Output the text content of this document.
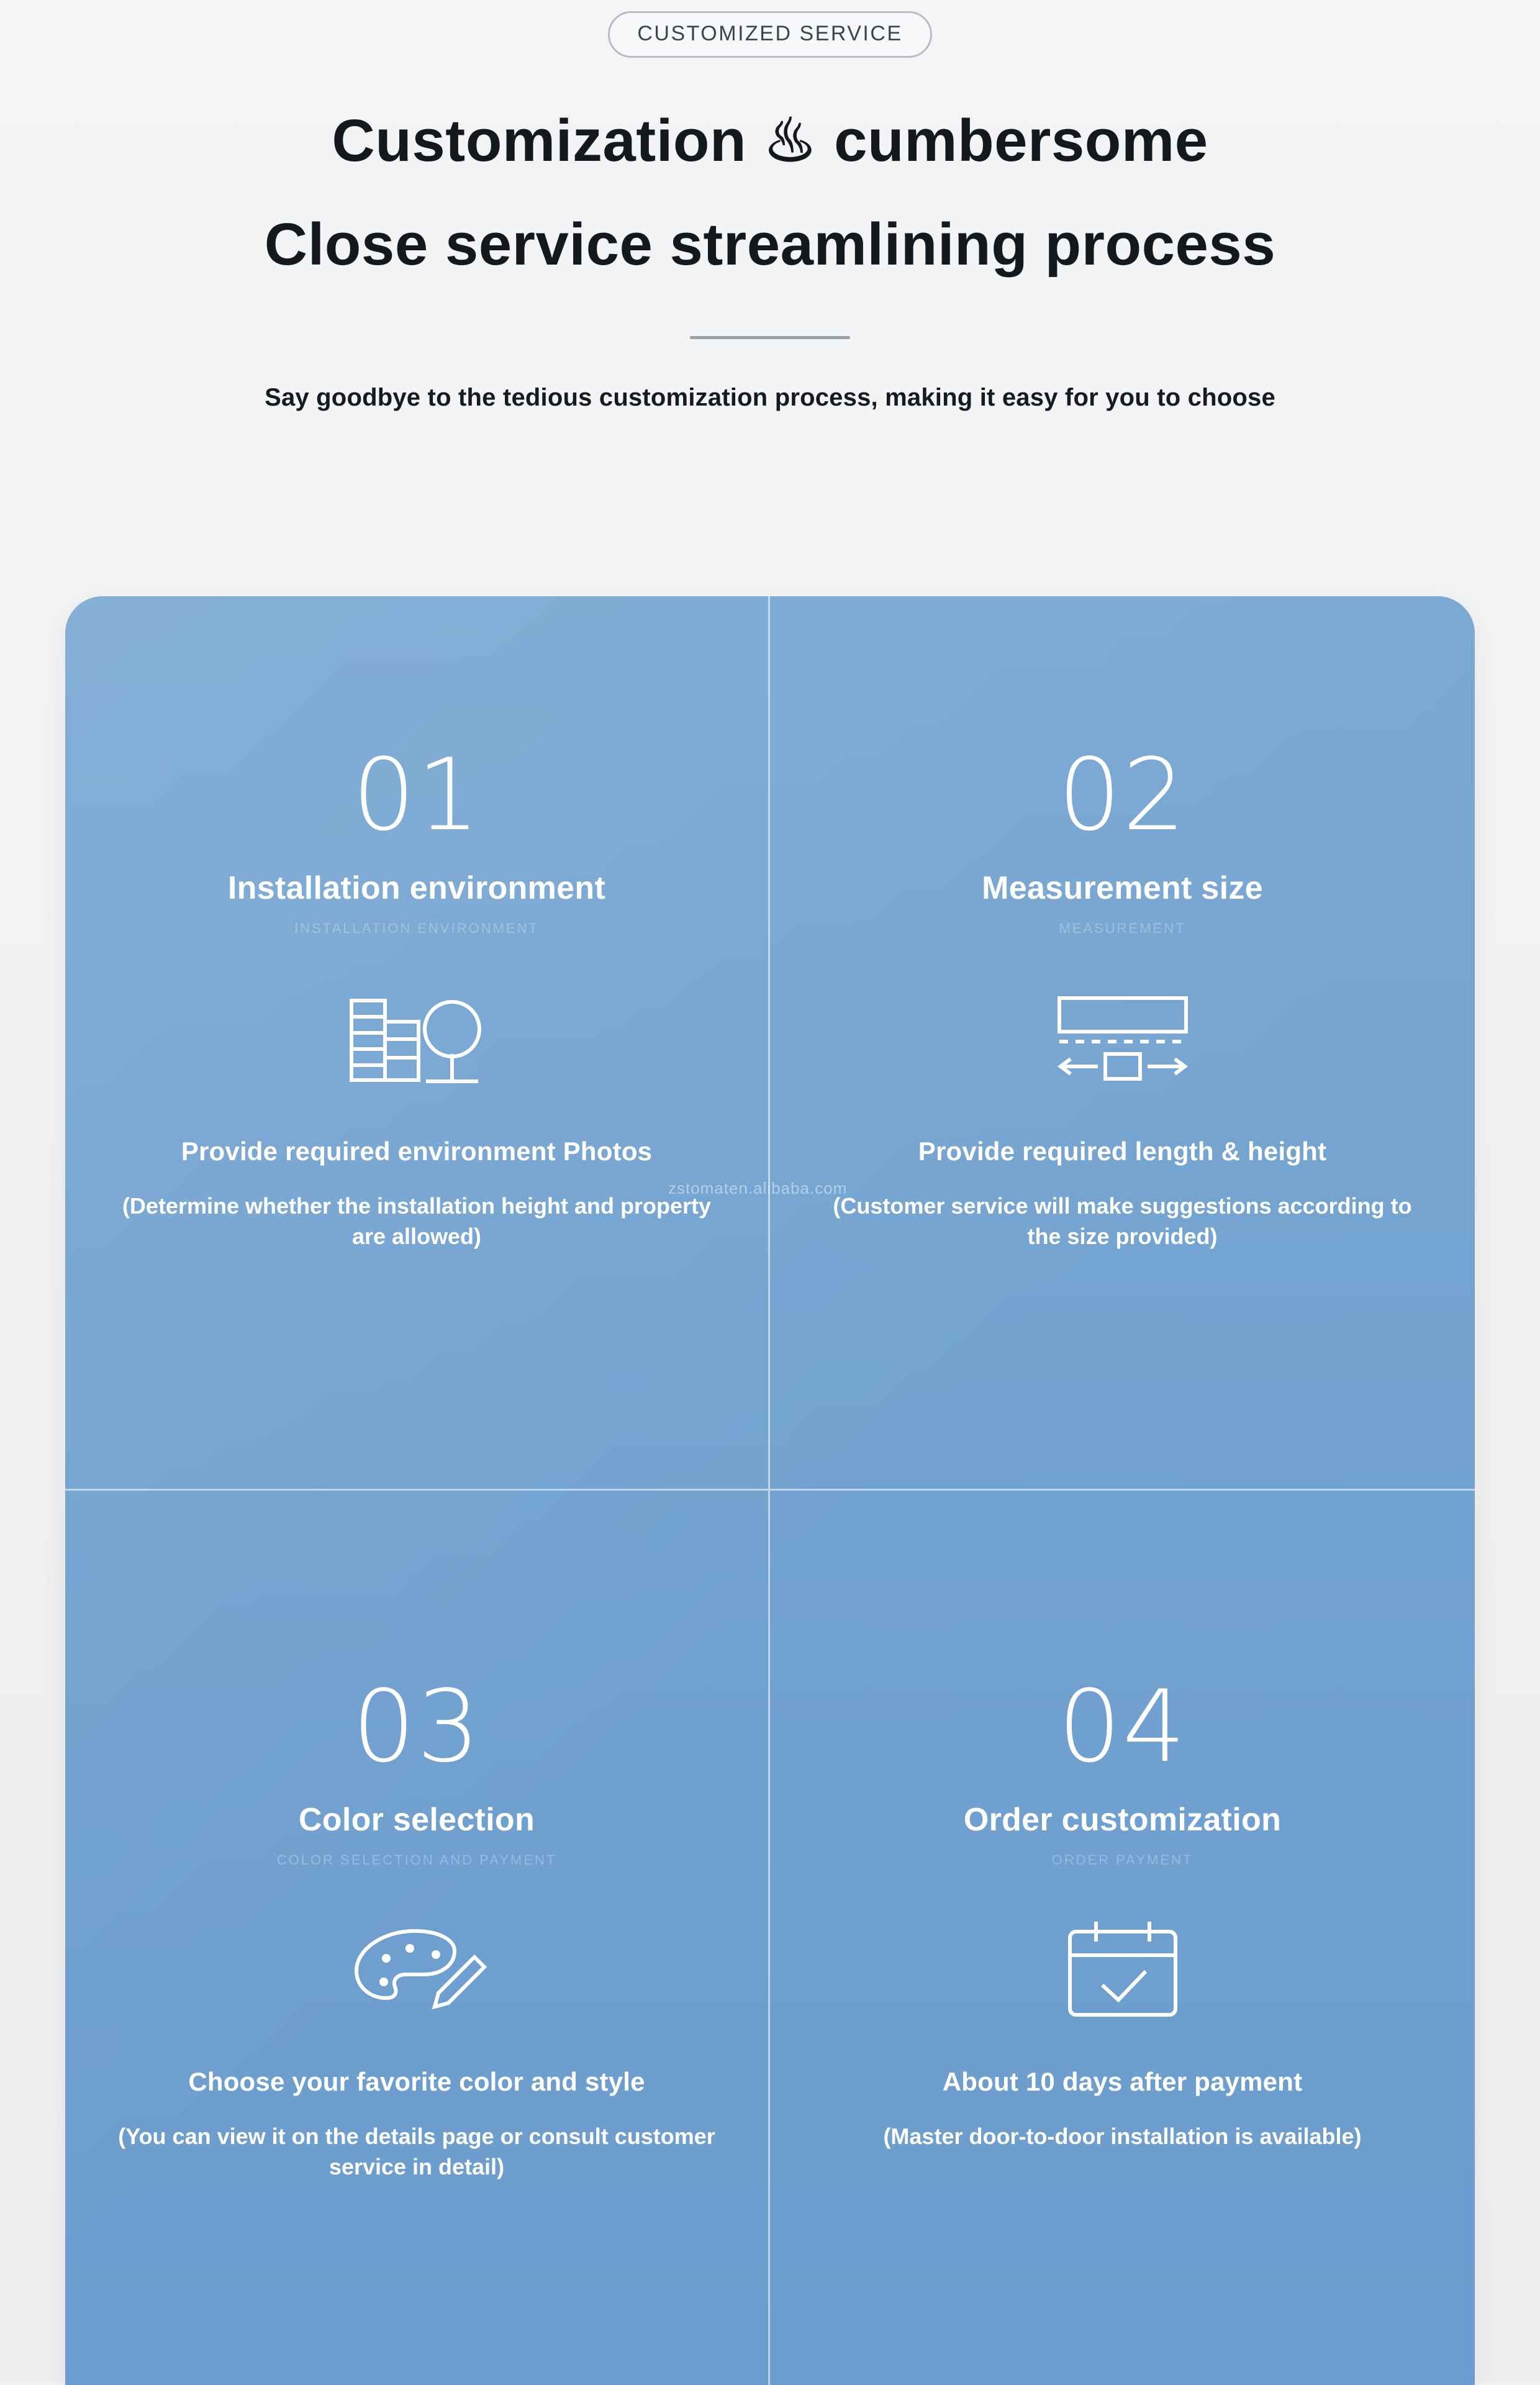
CUSTOMIZED SERVICE
Customization ♨ cumbersome
Close service streamlining process
Say goodbye to the tedious customization process, making it easy for you to choose
01
Installation environment
INSTALLATION ENVIRONMENT
Provide required environment Photos
(Determine whether the installation height and property are allowed)
02
Measurement size
MEASUREMENT
Provide required length & height
(Customer service will make suggestions according to the size provided)
03
Color selection
COLOR SELECTION AND PAYMENT
Choose your favorite color and style
(You can view it on the details page or consult customer service in detail)
04
Order customization
ORDER PAYMENT
About 10 days after payment
(Master door-to-door installation is available)
zstomaten.alibaba.com
